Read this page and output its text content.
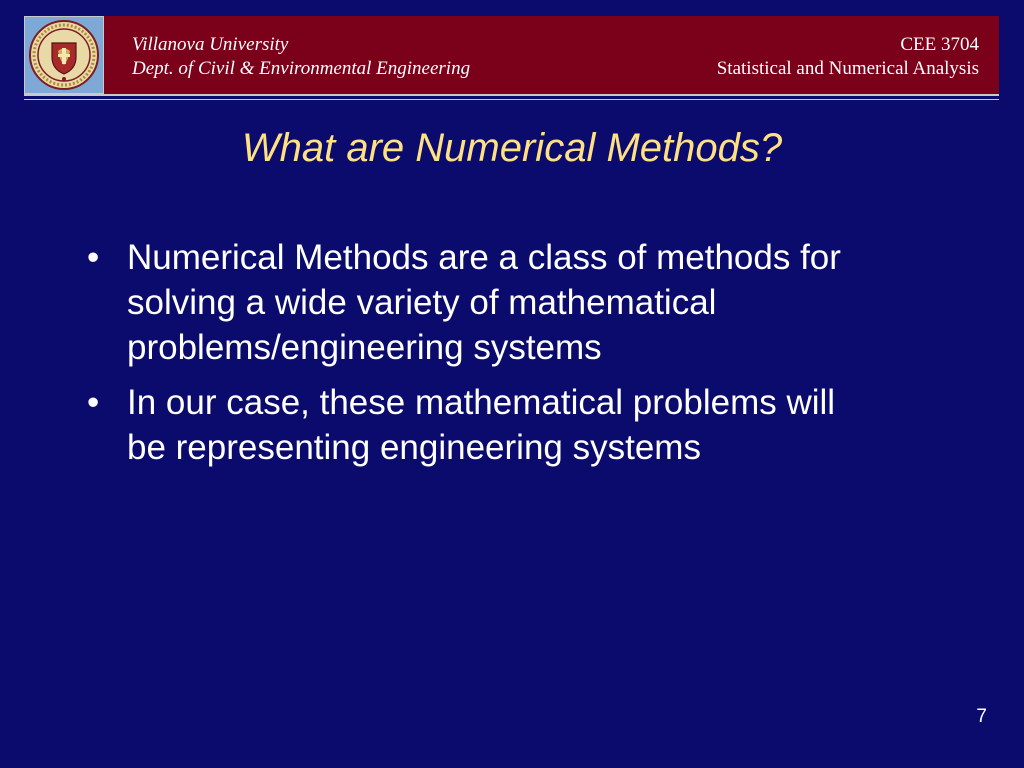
Villanova University
Dept. of Civil & Environmental Engineering
CEE 3704
Statistical and Numerical Analysis
What are Numerical Methods?
• Numerical Methods are a class of methods for solving a wide variety of mathematical problems/engineering systems
• In our case, these mathematical problems will be representing engineering systems
7
